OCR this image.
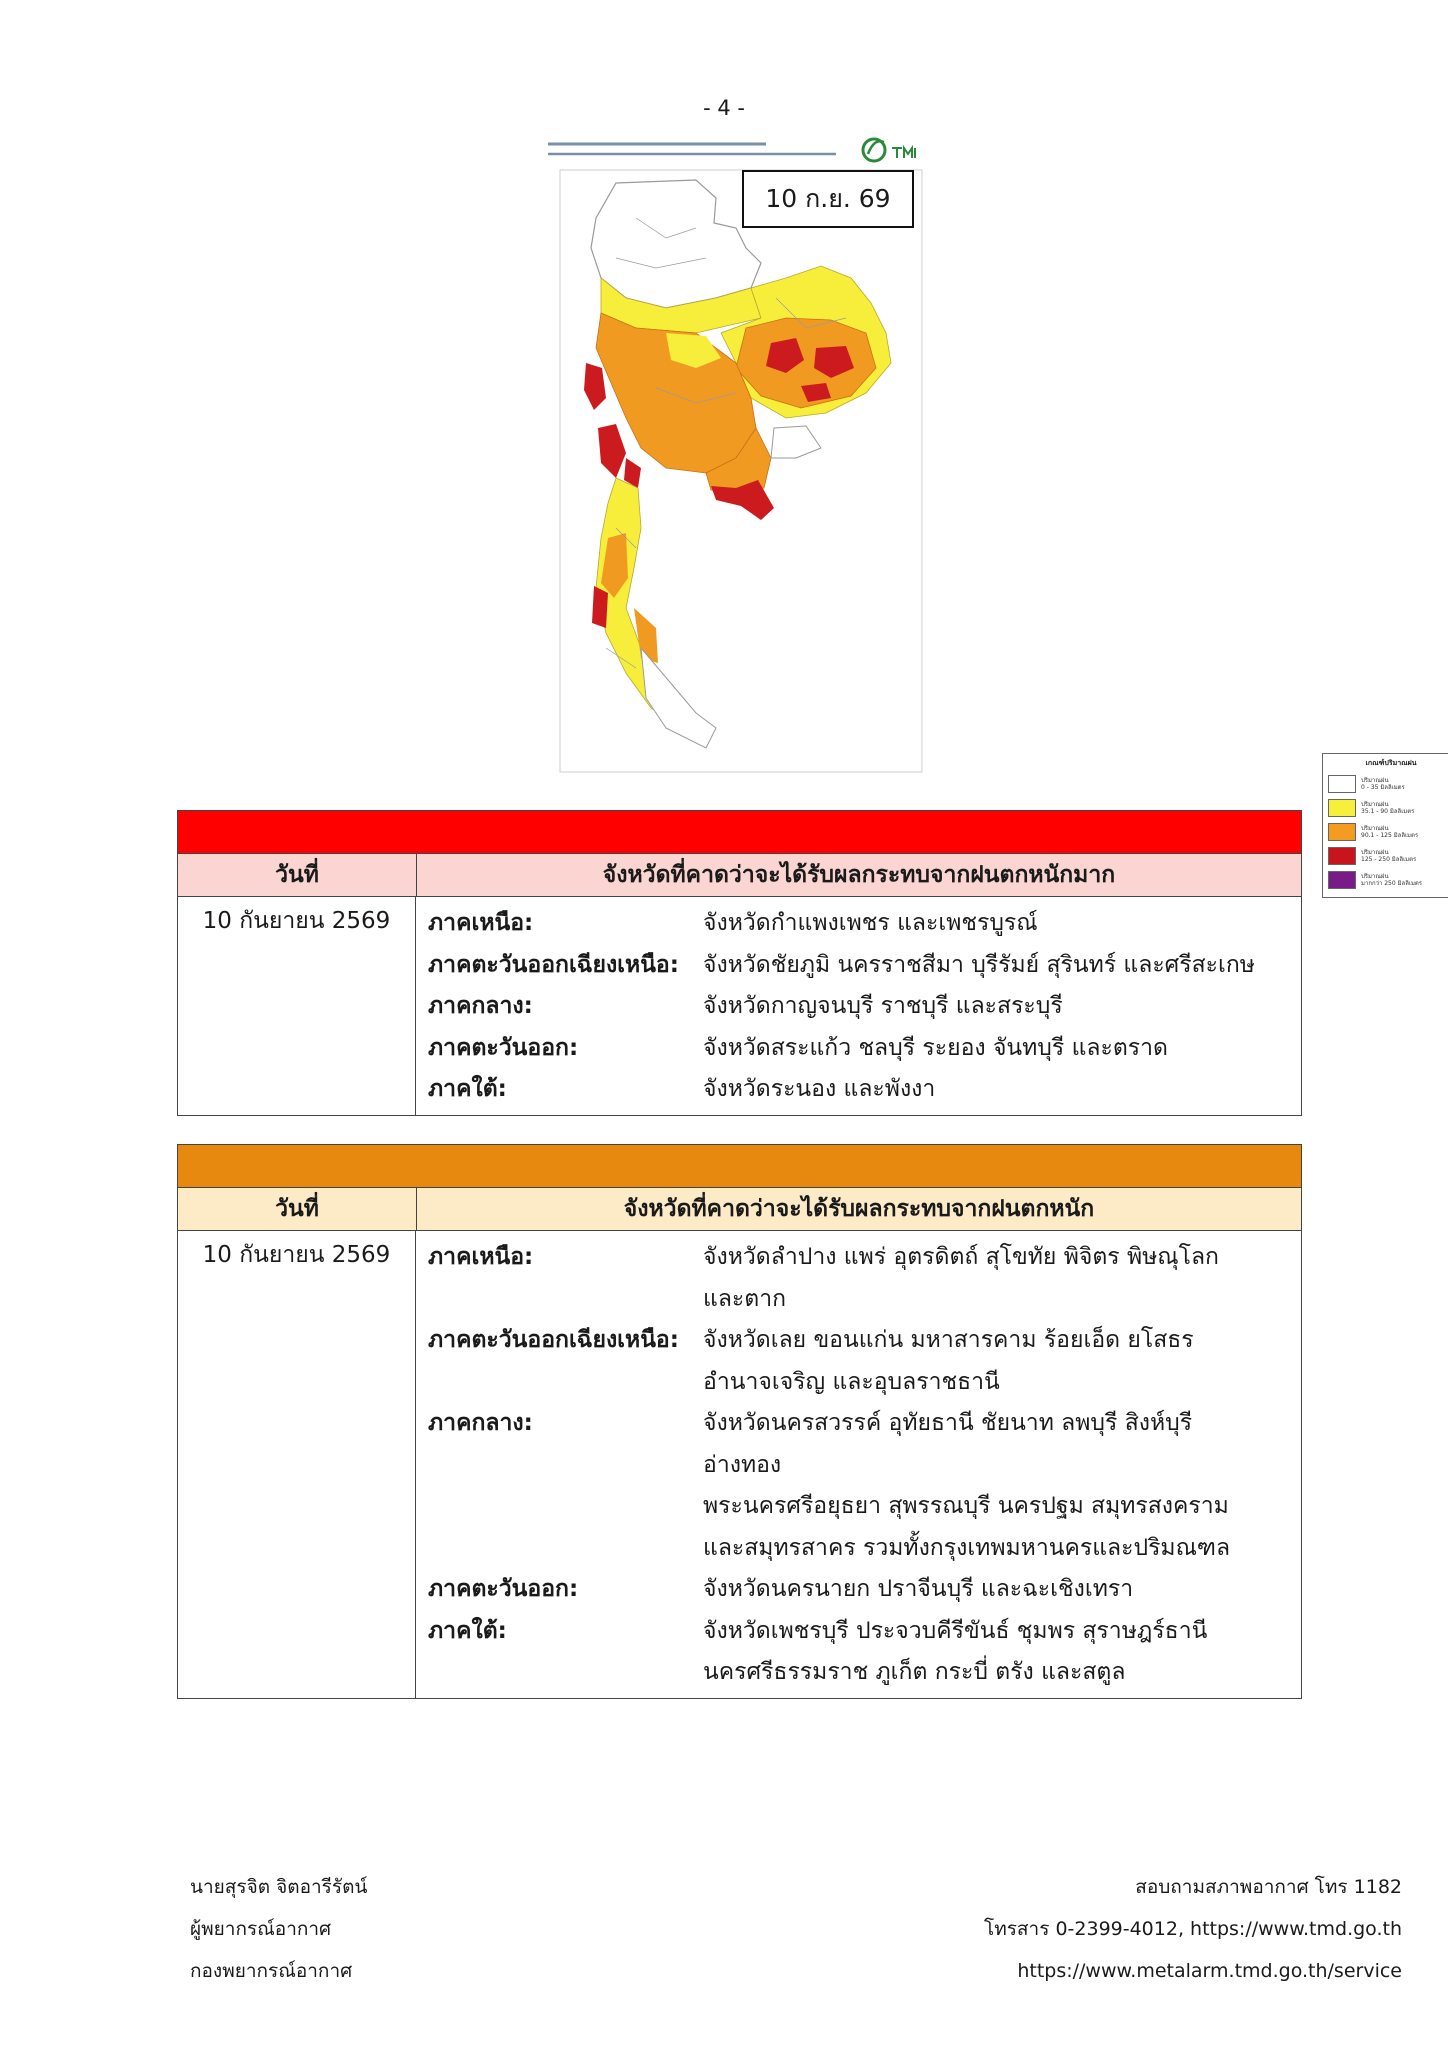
- 4 -
เกณฑ์ปริมาณฝน
ปริมาณฝน
0 - 35 มิลลิเมตร
ปริมาณฝน
35.1 - 90 มิลลิเมตร
ปริมาณฝน
90.1 - 125 มิลลิเมตร
ปริมาณฝน
125 - 250 มิลลิเมตร
ปริมาณฝน
มากกว่า 250 มิลลิเมตร
10 ก.ย. 69
วันที่	จังหวัดที่คาดว่าจะได้รับผลกระทบจากฝนตกหนักมาก
10 กันยายน 2569	ภาคเหนือ:	จังหวัดกำแพงเพชร และเพชรบูรณ์
ภาคตะวันออกเฉียงเหนือ:	จังหวัดชัยภูมิ นครราชสีมา บุรีรัมย์ สุรินทร์ และศรีสะเกษ
ภาคกลาง:	จังหวัดกาญจนบุรี ราชบุรี และสระบุรี
ภาคตะวันออก:	จังหวัดสระแก้ว ชลบุรี ระยอง จันทบุรี และตราด
ภาคใต้:	จังหวัดระนอง และพังงา
วันที่	จังหวัดที่คาดว่าจะได้รับผลกระทบจากฝนตกหนัก
10 กันยายน 2569	ภาคเหนือ:	จังหวัดลำปาง แพร่ อุตรดิตถ์ สุโขทัย พิจิตร พิษณุโลก
และตาก
ภาคตะวันออกเฉียงเหนือ:	จังหวัดเลย ขอนแก่น มหาสารคาม ร้อยเอ็ด ยโสธร
อำนาจเจริญ และอุบลราชธานี
ภาคกลาง:	จังหวัดนครสวรรค์ อุทัยธานี ชัยนาท ลพบุรี สิงห์บุรี อ่างทอง
พระนครศรีอยุธยา สุพรรณบุรี นครปฐม สมุทรสงคราม
และสมุทรสาคร รวมทั้งกรุงเทพมหานครและปริมณฑล
ภาคตะวันออก:	จังหวัดนครนายก ปราจีนบุรี และฉะเชิงเทรา
ภาคใต้:	จังหวัดเพชรบุรี ประจวบคีรีขันธ์ ชุมพร สุราษฎร์ธานี
นครศรีธรรมราช ภูเก็ต กระบี่ ตรัง และสตูล
นายสุรจิต จิตอารีรัตน์
ผู้พยากรณ์อากาศ
กองพยากรณ์อากาศ
สอบถามสภาพอากาศ โทร 1182
โทรสาร 0-2399-4012, https://www.tmd.go.th
https://www.metalarm.tmd.go.th/service
